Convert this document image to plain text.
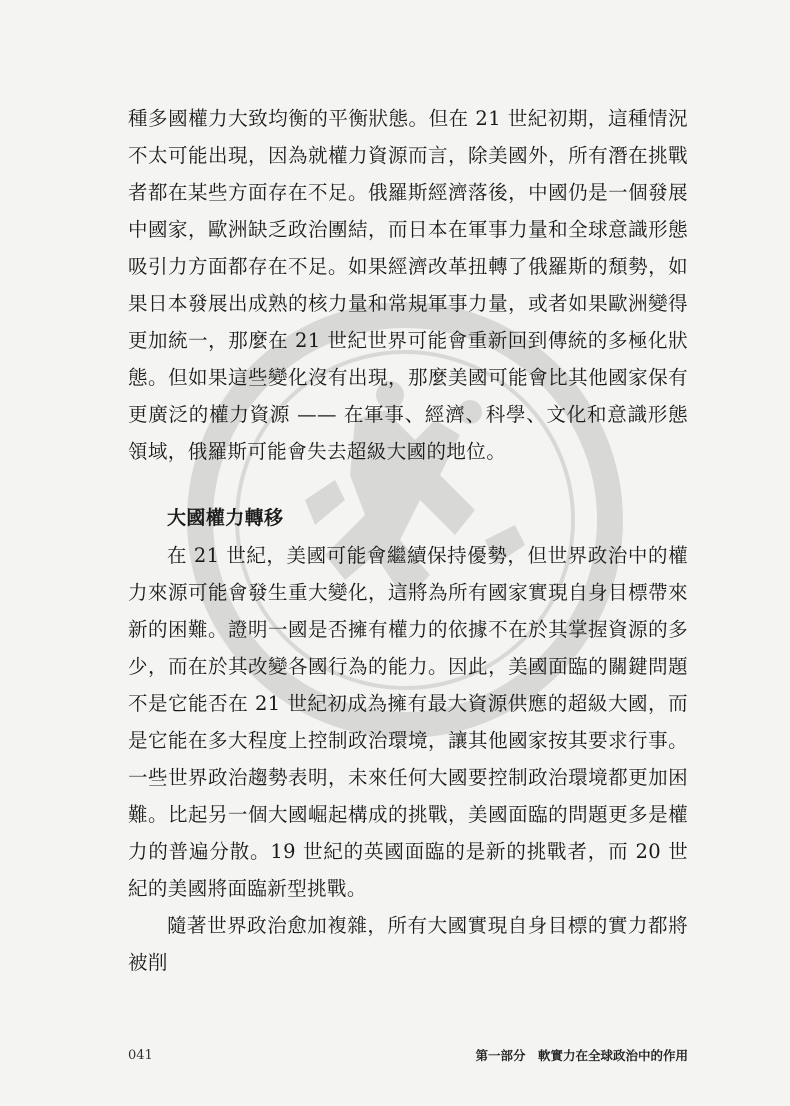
種多國權力大致均衡的平衡狀態。但在 21 世紀初期，這種情況不太可能出現，因為就權力資源而言，除美國外，所有潛在挑戰者都在某些方面存在不足。俄羅斯經濟落後，中國仍是一個發展中國家，歐洲缺乏政治團結，而日本在軍事力量和全球意識形態吸引力方面都存在不足。如果經濟改革扭轉了俄羅斯的頹勢，如果日本發展出成熟的核力量和常規軍事力量，或者如果歐洲變得更加統一，那麼在 21 世紀世界可能會重新回到傳統的多極化狀態。但如果這些變化沒有出現，那麼美國可能會比其他國家保有更廣泛的權力資源 —— 在軍事、經濟、科學、文化和意識形態領域，俄羅斯可能會失去超級大國的地位。

大國權力轉移

在 21 世紀，美國可能會繼續保持優勢，但世界政治中的權力來源可能會發生重大變化，這將為所有國家實現自身目標帶來新的困難。證明一國是否擁有權力的依據不在於其掌握資源的多少，而在於其改變各國行為的能力。因此，美國面臨的關鍵問題不是它能否在 21 世紀初成為擁有最大資源供應的超級大國，而是它能在多大程度上控制政治環境，讓其他國家按其要求行事。一些世界政治趨勢表明，未來任何大國要控制政治環境都更加困難。比起另一個大國崛起構成的挑戰，美國面臨的問題更多是權力的普遍分散。19 世紀的英國面臨的是新的挑戰者，而 20 世紀的美國將面臨新型挑戰。

隨著世界政治愈加複雜，所有大國實現自身目標的實力都將被削

041	第一部分　軟實力在全球政治中的作用
